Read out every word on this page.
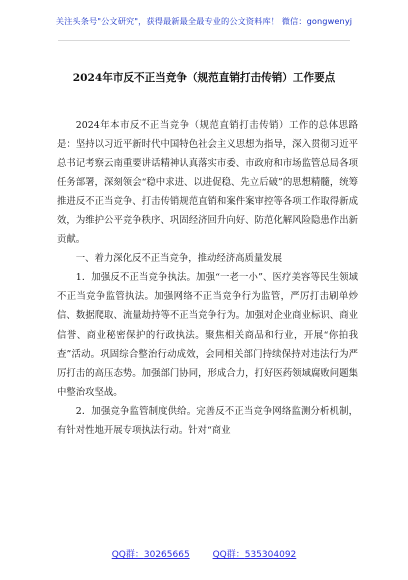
关注头条号"公文研究"，获得最新最全最专业的公文资料库！ 微信：gongwenyj
2024年市反不正当竞争（规范直销打击传销）工作要点

2024年本市反不正当竞争（规范直销打击传销）工作的总体思路是：坚持以习近平新时代中国特色社会主义思想为指导，深入贯彻习近平总书记考察云南重要讲话精神认真落实市委、市政府和市场监管总局各项任务部署，深刻领会“稳中求进、以进促稳、先立后破”的思想精髓，统筹推进反不正当竞争、打击传销规范直销和案件案审控等各项工作取得新成效，为维护公平竞争秩序、巩固经济回升向好、防范化解风险隐患作出新贡献。

一、着力深化反不正当竞争，推动经济高质量发展

1．加强反不正当竞争执法。加强“一老一小”、医疗美容等民生领域不正当竞争监管执法。加强网络不正当竞争行为监管，严厉打击刷单炒信、数据爬取、流量劫持等不正当竞争行为。加强对企业商业标识、商业信誉、商业秘密保护的行政执法。聚焦相关商品和行业，开展“你拍我查”活动。巩固综合整治行动成效，会同相关部门持续保持对违法行为严厉打击的高压态势。加强部门协同，形成合力，打好医药领域腐败问题集中整治攻坚战。

2．加强竞争监管制度供给。完善反不正当竞争网络监测分析机制，有针对性地开展专项执法行动。针对“商业

QQ群：30265665	QQ群：535304092
